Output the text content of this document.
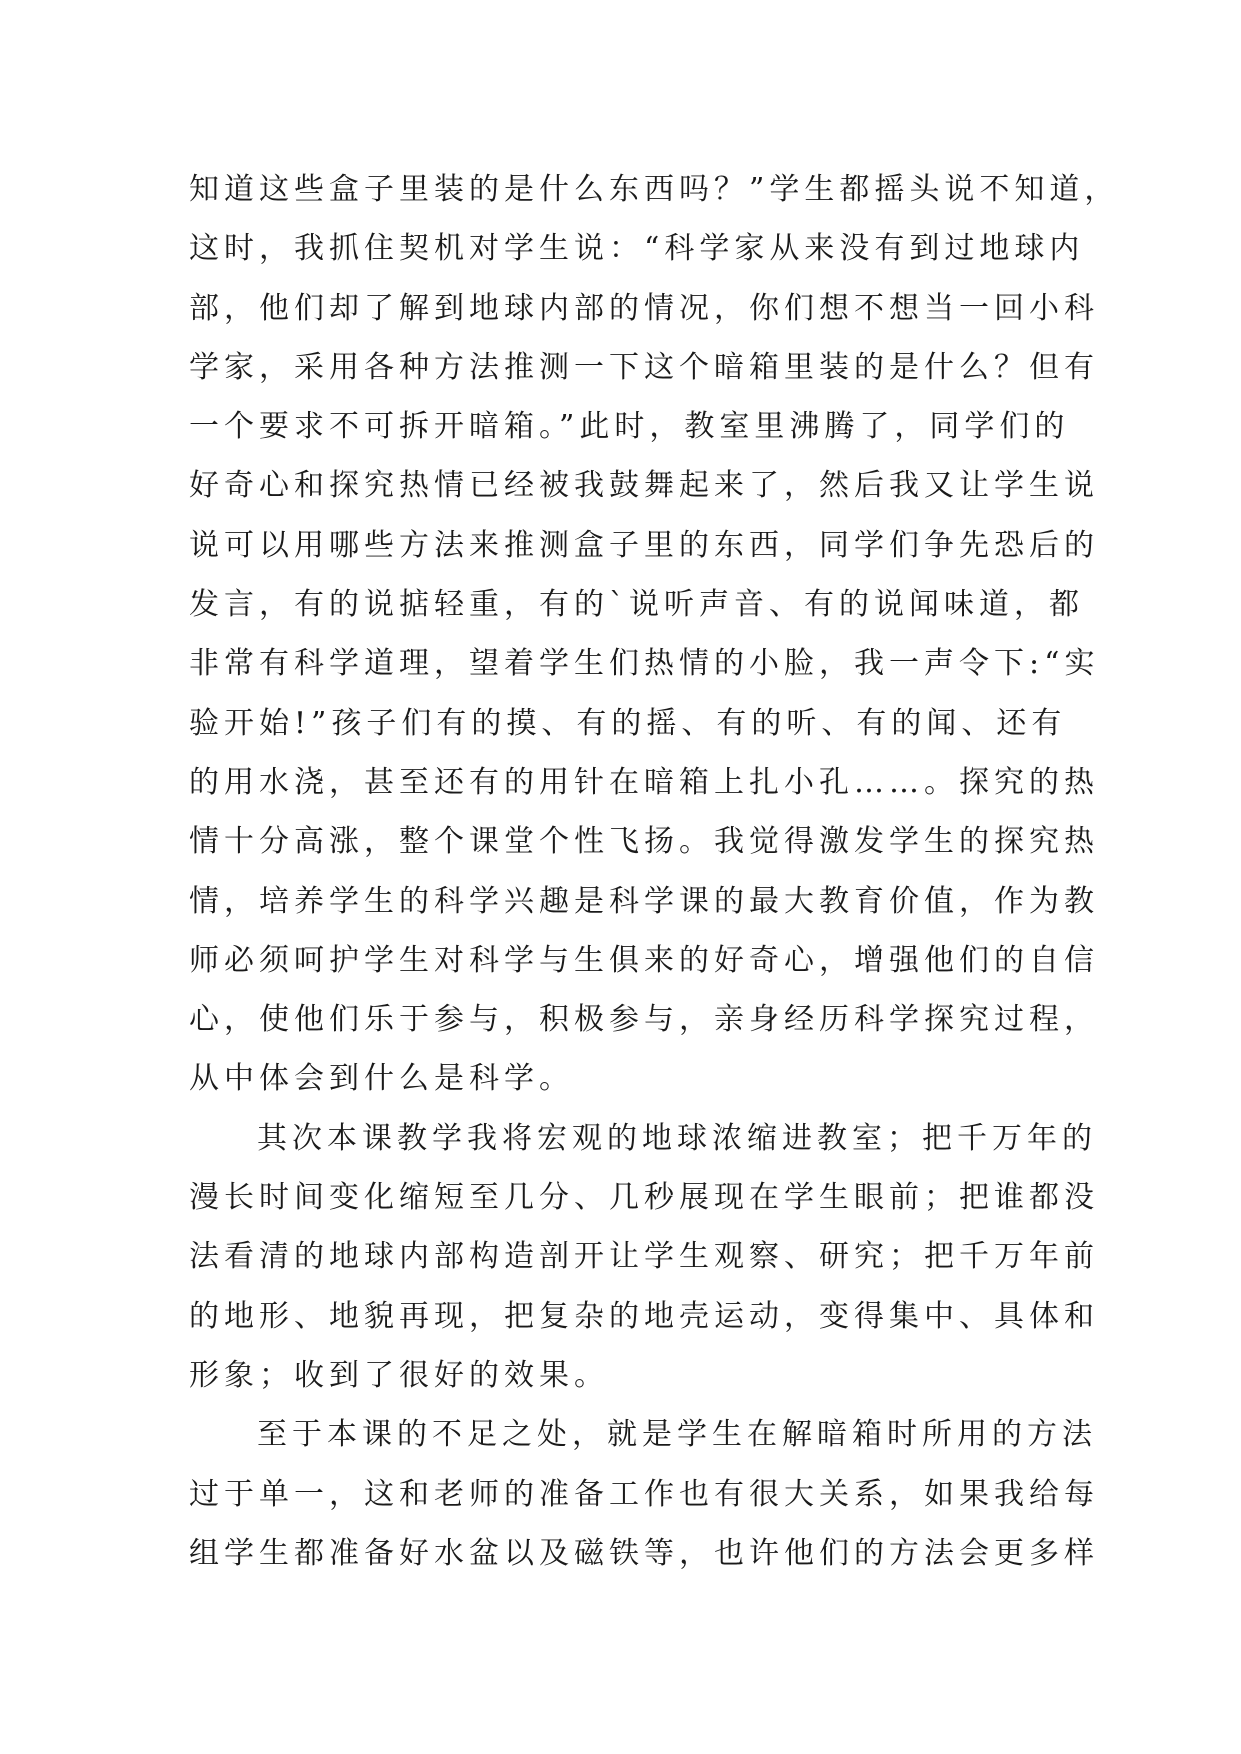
知道这些盒子里装的是什么东西吗？”学生都摇头说不知道，
这时，我抓住契机对学生说：“科学家从来没有到过地球内
部，他们却了解到地球内部的情况，你们想不想当一回小科
学家，采用各种方法推测一下这个暗箱里装的是什么？但有
一个要求不可拆开暗箱。”此时，教室里沸腾了，同学们的
好奇心和探究热情已经被我鼓舞起来了，然后我又让学生说
说可以用哪些方法来推测盒子里的东西，同学们争先恐后的
发言，有的说掂轻重，有的`说听声音、有的说闻味道，都
非常有科学道理，望着学生们热情的小脸，我一声令下:“实
验开始!”孩子们有的摸、有的摇、有的听、有的闻、还有
的用水浇，甚至还有的用针在暗箱上扎小孔……。探究的热
情十分高涨，整个课堂个性飞扬。我觉得激发学生的探究热
情，培养学生的科学兴趣是科学课的最大教育价值，作为教
师必须呵护学生对科学与生俱来的好奇心，增强他们的自信
心，使他们乐于参与，积极参与，亲身经历科学探究过程，
从中体会到什么是科学。
其次本课教学我将宏观的地球浓缩进教室；把千万年的
漫长时间变化缩短至几分、几秒展现在学生眼前；把谁都没
法看清的地球内部构造剖开让学生观察、研究；把千万年前
的地形、地貌再现，把复杂的地壳运动，变得集中、具体和
形象；收到了很好的效果。
至于本课的不足之处，就是学生在解暗箱时所用的方法
过于单一，这和老师的准备工作也有很大关系，如果我给每
组学生都准备好水盆以及磁铁等，也许他们的方法会更多样
